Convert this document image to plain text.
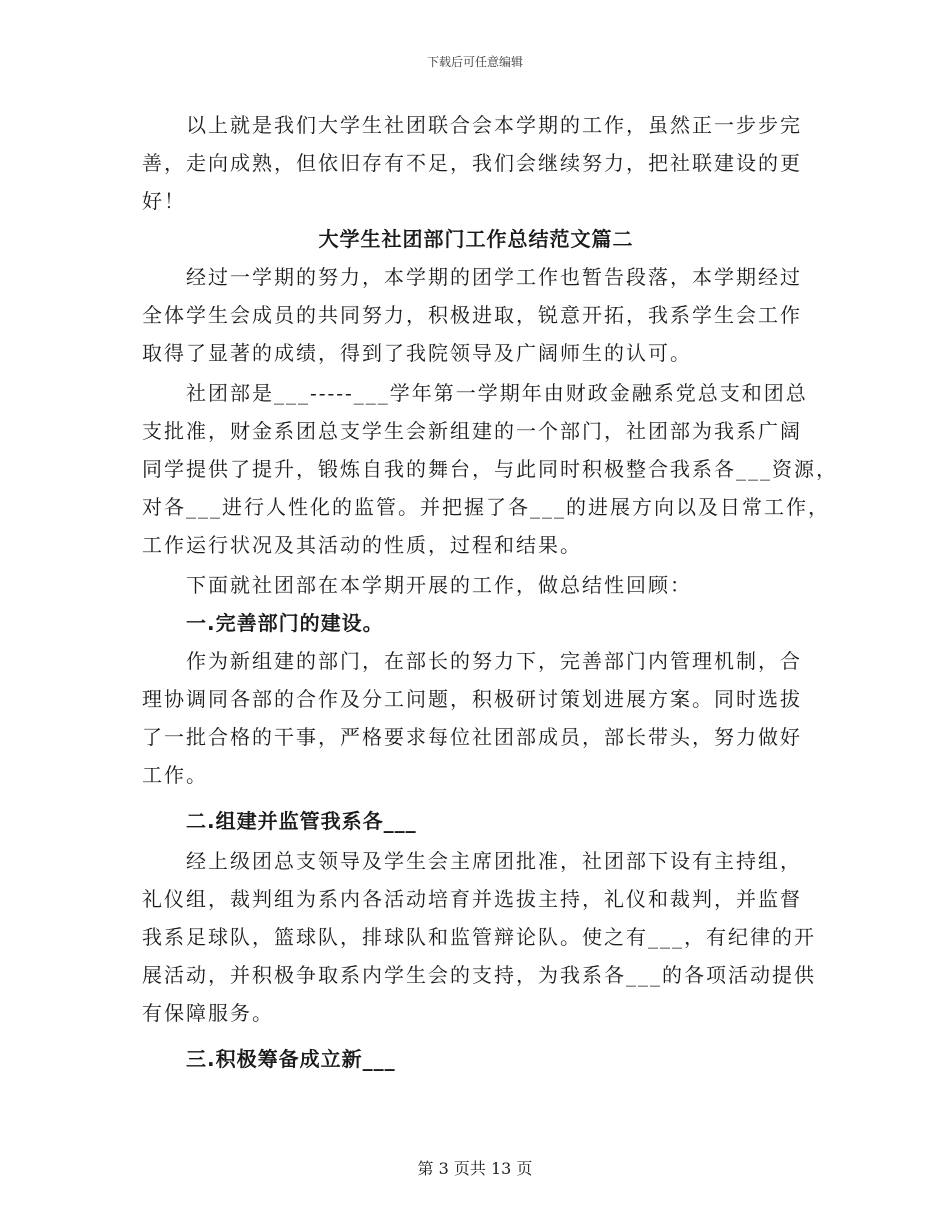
下载后可任意编辑
以上就是我们大学生社团联合会本学期的工作，虽然正一步步完
善，走向成熟，但依旧存有不足，我们会继续努力，把社联建设的更
好！
大学生社团部门工作总结范文篇二
经过一学期的努力，本学期的团学工作也暂告段落，本学期经过
全体学生会成员的共同努力，积极进取，锐意开拓，我系学生会工作
取得了显著的成绩，得到了我院领导及广阔师生的认可。
社团部是___-----___学年第一学期年由财政金融系党总支和团总
支批准，财金系团总支学生会新组建的一个部门，社团部为我系广阔
同学提供了提升，锻炼自我的舞台，与此同时积极整合我系各___资源，
对各___进行人性化的监管。并把握了各___的进展方向以及日常工作，
工作运行状况及其活动的性质，过程和结果。
下面就社团部在本学期开展的工作，做总结性回顾：
一.完善部门的建设。
作为新组建的部门，在部长的努力下，完善部门内管理机制，合
理协调同各部的合作及分工问题，积极研讨策划进展方案。同时选拔
了一批合格的干事，严格要求每位社团部成员，部长带头，努力做好
工作。
二.组建并监管我系各___
经上级团总支领导及学生会主席团批准，社团部下设有主持组，
礼仪组，裁判组为系内各活动培育并选拔主持，礼仪和裁判，并监督
我系足球队，篮球队，排球队和监管辩论队。使之有___，有纪律的开
展活动，并积极争取系内学生会的支持，为我系各___的各项活动提供
有保障服务。
三.积极筹备成立新___
第 3 页共 13 页
